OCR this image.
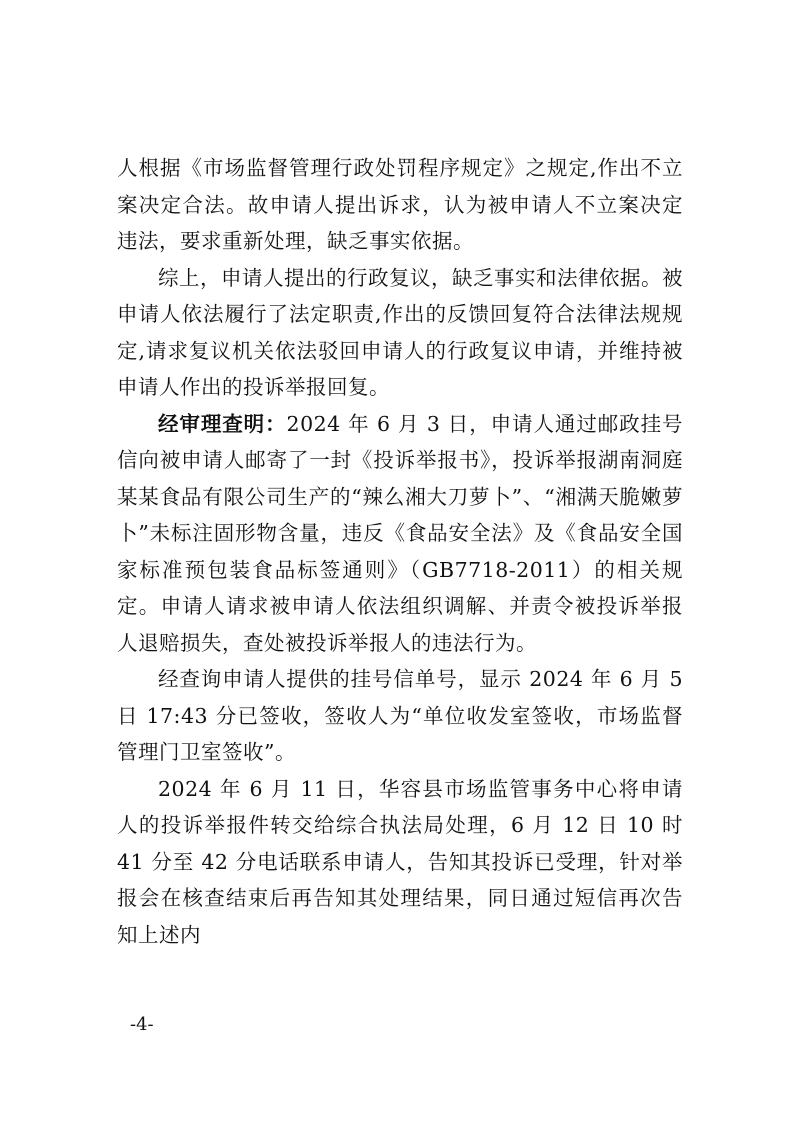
人根据《市场监督管理行政处罚程序规定》之规定,作出不立案决定合法。故申请人提出诉求，认为被申请人不立案决定违法，要求重新处理，缺乏事实依据。

综上，申请人提出的行政复议，缺乏事实和法律依据。被申请人依法履行了法定职责,作出的反馈回复符合法律法规规定,请求复议机关依法驳回申请人的行政复议申请，并维持被申请人作出的投诉举报回复。

经审理查明：2024 年 6 月 3 日，申请人通过邮政挂号信向被申请人邮寄了一封《投诉举报书》，投诉举报湖南洞庭某某食品有限公司生产的“辣么湘大刀萝卜”、“湘满天脆嫩萝卜”未标注固形物含量，违反《食品安全法》及《食品安全国家标准预包装食品标签通则》（GB7718-2011）的相关规定。申请人请求被申请人依法组织调解、并责令被投诉举报人退赔损失，查处被投诉举报人的违法行为。

经查询申请人提供的挂号信单号，显示 2024 年 6 月 5 日 17:43 分已签收，签收人为“单位收发室签收，市场监督管理门卫室签收”。

2024 年 6 月 11 日，华容县市场监管事务中心将申请人的投诉举报件转交给综合执法局处理，6 月 12 日 10 时 41 分至 42 分电话联系申请人，告知其投诉已受理，针对举报会在核查结束后再告知其处理结果，同日通过短信再次告知上述内

-4-
